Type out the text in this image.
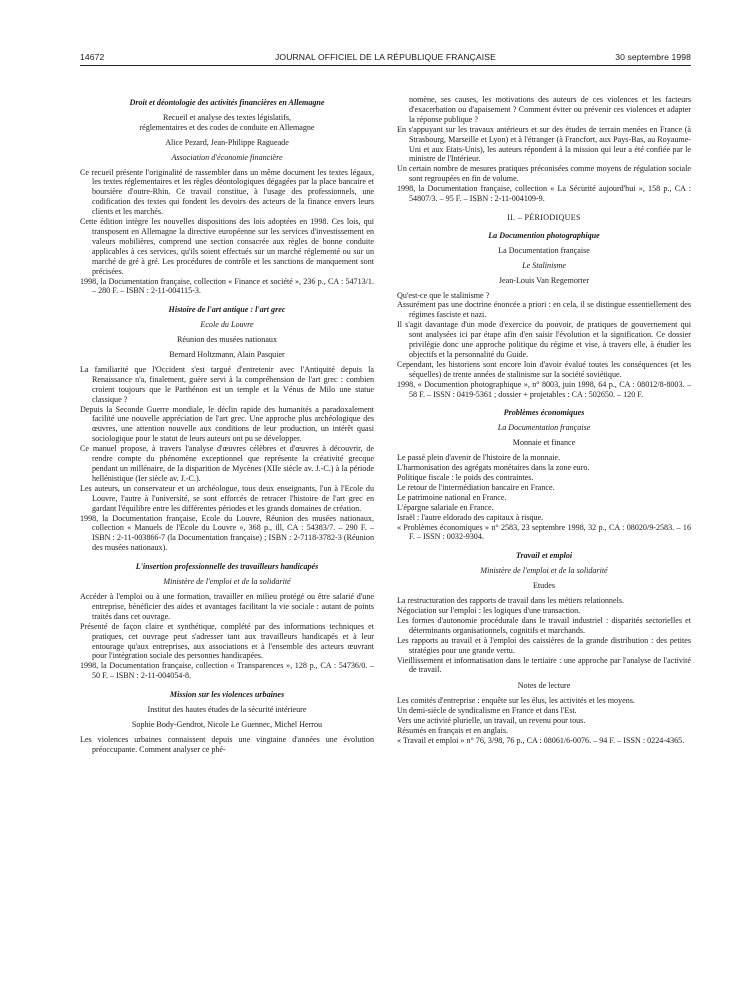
14672	JOURNAL OFFICIEL DE LA RÉPUBLIQUE FRANÇAISE	30 septembre 1998

Droit et déontologie des activités financières en Allemagne

Recueil et analyse des textes législatifs,

réglementaires et des codes de conduite en Allemagne

Alice Pezard, Jean-Philippe Ragueade

Association d'économie financière

Ce recueil présente l'originalité de rassembler dans un même document les textes légaux, les textes réglementaires et les règles déontologiques dégagées par la place bancaire et boursière d'outre-Rhin. Ce travail constitue, à l'usage des professionnels, une codification des textes qui fondent les devoirs des acteurs de la finance envers leurs clients et les marchés.

Cette édition intègre les nouvelles dispositions des lois adoptées en 1998. Ces lois, qui transposent en Allemagne la directive européenne sur les services d'investissement en valeurs mobilières, comprend une section consacrée aux règles de bonne conduite applicables à ces services, qu'ils soient effectués sur un marché réglementé ou sur un marché de gré à gré. Les procédures de contrôle et les sanctions de manquement sont précisées.

1998, la Documentation française, collection « Finance et société », 236 p., CA : 54713/1. – 280 F. – ISBN : 2-11-004115-3.

Histoire de l'art antique : l'art grec

Ecole du Louvre

Réunion des musées nationaux

Bernard Holtzmann, Alain Pasquier

La familiarité que l'Occident s'est targué d'entretenir avec l'Antiquité depuis la Renaissance n'a, finalement, guère servi à la compréhension de l'art grec : combien croient toujours que le Parthénon est un temple et la Vénus de Milo une statue classique ?

Depuis la Seconde Guerre mondiale, le déclin rapide des humanités a paradoxalement facilité une nouvelle appréciation de l'art grec. Une approche plus archéologique des œuvres, une attention nouvelle aux conditions de leur production, un intérêt quasi sociologique pour le statut de leurs auteurs ont pu se développer.

Ce manuel propose, à travers l'analyse d'œuvres célèbres et d'œuvres à découvrir, de rendre compte du phénomène exceptionnel que représente la créativité grecque pendant un millénaire, de la disparition de Mycènes (XIIe siècle av. J.-C.) à la période hellénistique (Ier siècle av. J.-C.).

Les auteurs, un conservateur et un archéologue, tous deux enseignants, l'un à l'Ecole du Louvre, l'autre à l'université, se sont efforcés de retracer l'histoire de l'art grec en gardant l'équilibre entre les différentes périodes et les grands domaines de création.

1998, la Documentation française, Ecole du Louvre, Réunion des musées nationaux, collection « Manuels de l'Ecole du Louvre », 368 p., ill, CA : 54383/7. – 290 F. – ISBN : 2-11-003866-7 (la Documentation française) ; ISBN : 2-7118-3782-3 (Réunion des musées nationaux).

L'insertion professionnelle des travailleurs handicapés

Ministère de l'emploi et de la solidarité

Accéder à l'emploi ou à une formation, travailler en milieu protégé ou être salarié d'une entreprise, bénéficier des aides et avantages facilitant la vie sociale : autant de points traités dans cet ouvrage.

Présenté de façon claire et synthétique, complété par des informations techniques et pratiques, cet ouvrage peut s'adresser tant aux travailleurs handicapés et à leur entourage qu'aux entreprises, aux associations et à l'ensemble des acteurs œuvrant pour l'intégration sociale des personnes handicapées.

1998, la Documentation française, collection « Transparences », 128 p., CA : 54736/0. – 50 F. – ISBN : 2-11-004054-8.

Mission sur les violences urbaines

Institut des hautes études de la sécurité intérieure

Sophie Body-Gendrot, Nicole Le Guennec, Michel Herrou

Les violences urbaines connaissent depuis une vingtaine d'années une évolution préoccupante. Comment analyser ce phé-

nomène, ses causes, les motivations des auteurs de ces violences et les facteurs d'exacerbation ou d'apaisement ? Comment éviter ou prévenir ces violences et adapter la réponse publique ?

En s'appuyant sur les travaux antérieurs et sur des études de terrain menées en France (à Strasbourg, Marseille et Lyon) et à l'étranger (à Francfort, aux Pays-Bas, au Royaume-Uni et aux Etats-Unis), les auteurs répondent à la mission qui leur a été confiée par le ministre de l'Intérieur.

Un certain nombre de mesures pratiques préconisées comme moyens de régulation sociale sont regroupées en fin de volume.

1998, la Documentation française, collection « La Sécurité aujourd'hui », 158 p., CA : 54807/3. – 95 F. – ISBN : 2-11-004109-9.

II. – PÉRIODIQUES

La Documention photographique

La Documentation française

Le Stalinisme

Jean-Louis Van Regemorter

Qu'est-ce que le stalinisme ?

Assurément pas une doctrine énoncée a priori : en cela, il se distingue essentiellement des régimes fasciste et nazi.

Il s'agit davantage d'un mode d'exercice du pouvoir, de pratiques de gouvernement qui sont analysées ici par étape afin d'en saisir l'évolution et la signification. Ce dossier privilégie donc une approche politique du régime et vise, à travers elle, à étudier les objectifs et la personnalité du Guide.

Cependant, les historiens sont encore loin d'avoir évalué toutes les conséquences (et les séquelles) de trente années de stalinisme sur la société soviétique.

1998, « Documention photographique », n° 8003, juin 1998, 64 p., CA : 08012/8-8003. – 58 F. – ISSN : 0419-5361 ; dossier + projetables : CA : 502650. – 120 F.

Problèmes économiques

La Documentation française

Monnaie et finance

Le passé plein d'avenir de l'histoire de la monnaie.

L'harmonisation des agrégats monétaires dans la zone euro.

Politique fiscale : le poids des contraintes.

Le retour de l'intermédiation bancaire en France.

Le patrimoine national en France.

L'épargne salariale en France.

Israël : l'autre eldorado des capitaux à risque.

« Problèmes économiques » n° 2583, 23 septembre 1998, 32 p., CA : 08020/9-2583. – 16 F. – ISSN : 0032-9304.

Travail et emploi

Ministère de l'emploi et de la solidarité

Etudes

La restructuration des rapports de travail dans les métiers relationnels.

Négociation sur l'emploi : les logiques d'une transaction.

Les formes d'autonomie procédurale dans le travail industriel : disparités sectorielles et déterminants organisationnels, cognitifs et marchands.

Les rapports au travail et à l'emploi des caissières de la grande distribution : des petites stratégies pour une grande vertu.

Vieillissement et informatisation dans le tertiaire : une approche par l'analyse de l'activité de travail.

Notes de lecture

Les comités d'entreprise : enquête sur les élus, les activités et les moyens.

Un demi-siècle de syndicalisme en France et dans l'Est.

Vers une activité plurielle, un travail, un revenu pour tous.

Résumés en français et en anglais.

« Travail et emploi » n° 76, 3/98, 76 p., CA : 08061/6-0076. – 94 F. – ISSN : 0224-4365.
